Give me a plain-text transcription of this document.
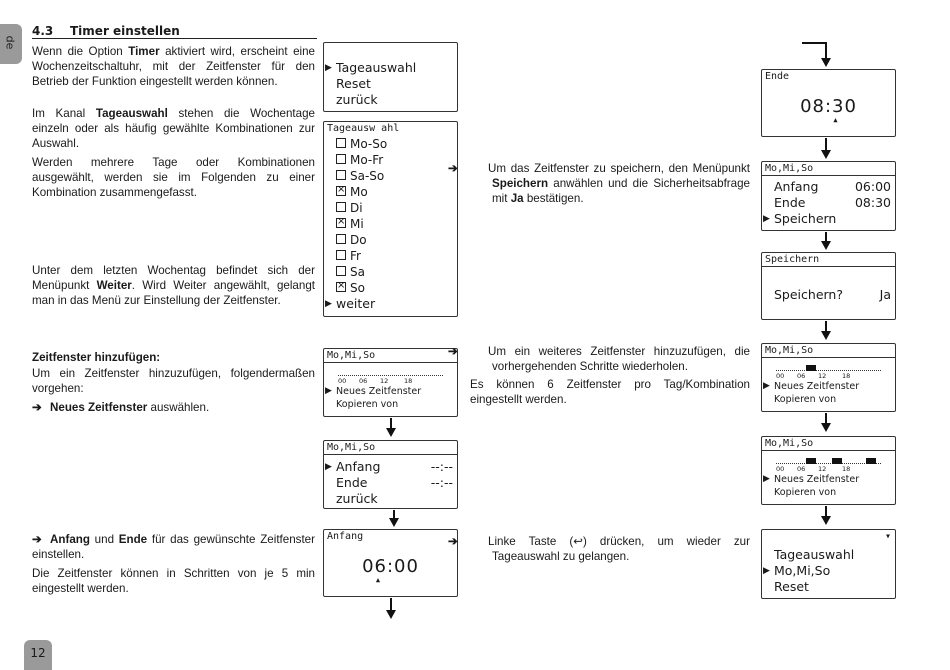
de
12
4.3 Timer einstellen
Wenn die Option Timer aktiviert wird, erscheint eine Wochenzeitschaltuhr, mit der Zeitfenster für den Betrieb der Funktion eingestellt werden können.
Im Kanal Tageauswahl stehen die Wochentage einzeln oder als häufig gewählte Kombinationen zur Auswahl.
Werden mehrere Tage oder Kombinationen ausgewählt, werden sie im Folgenden zu einer Kombination zusammengefasst.
Unter dem letzten Wochentag befindet sich der Menüpunkt Weiter. Wird Weiter angewählt, gelangt man in das Menü zur Einstellung der Zeitfenster.
Zeitfenster hinzufügen:
Um ein Zeitfenster hinzuzufügen, folgendermaßen vorgehen:
➔ Neues Zeitfenster auswählen.
➔ Anfang und Ende für das gewünschte Zeitfenster einstellen.
Die Zeitfenster können in Schritten von je 5 min eingestellt werden.
▶ Tageauswahl
Reset
zurück
Tageausw ahl
Mo-So
Mo-Fr
Sa-So
×Mo
Di
×Mi
Do
Fr
Sa
×So
▶ weiter
Mo,Mi,So
00 06 12 18
▶ Neues Zeitfenster
Kopieren von
Mo,Mi,So
▶ Anfang	--:--
Ende	--:--
zurück
Anfang
06:00
▲
➔	Um das Zeitfenster zu speichern, den Menüpunkt Speichern anwählen und die Sicherheitsabfrage mit Ja bestätigen.
➔	Um ein weiteres Zeitfenster hinzuzufügen, die vorhergehenden Schritte wiederholen.
Es können 6 Zeitfenster pro Tag/Kombination eingestellt werden.
➔	Linke Taste (↩) drücken, um wieder zur Tageauswahl zu gelangen.
Ende
08:30
▲
Mo,Mi,So
Anfang	06:00
Ende	08:30
▶ Speichern
Speichern
Speichern?	Ja
Mo,Mi,So
00 06 12 18
▶ Neues Zeitfenster
Kopieren von
Mo,Mi,So
00 06 12 18
▶ Neues Zeitfenster
Kopieren von
▾
Tageauswahl
▶ Mo,Mi,So
Reset
